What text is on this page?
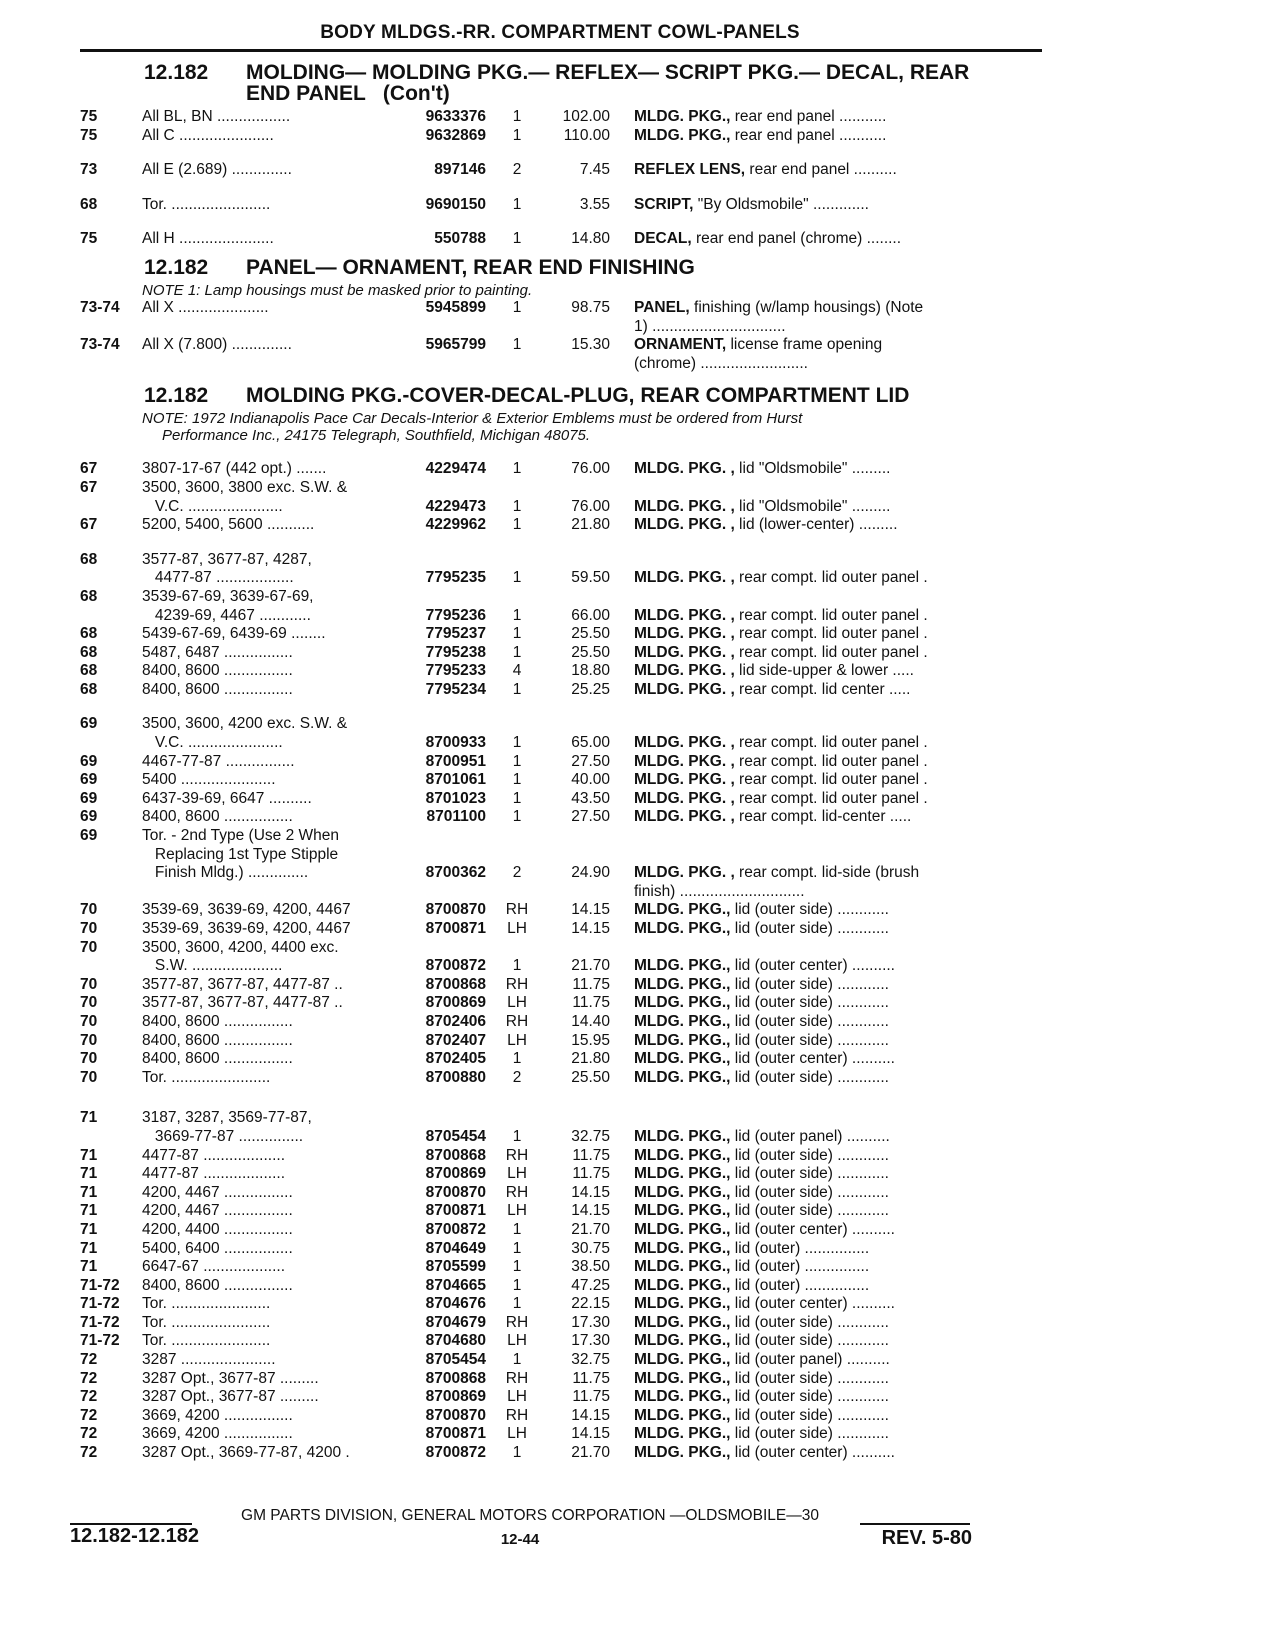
BODY MLDGS.-RR. COMPARTMENT COWL-PANELS
12.182	MOLDING— MOLDING PKG.— REFLEX— SCRIPT PKG.— DECAL, REAR
END PANEL   (Con't)
75	All BL, BN .................	9633376	1	102.00	MLDG. PKG., rear end panel ...........
75	All C ......................	9632869	1	110.00	MLDG. PKG., rear end panel ...........
73	All E (2.689) ..............	897146	2	7.45	REFLEX LENS, rear end panel ..........
68	Tor. .......................	9690150	1	3.55	SCRIPT, "By Oldsmobile" .............
75	All H ......................	550788	1	14.80	DECAL, rear end panel (chrome) ........
12.182	PANEL— ORNAMENT, REAR END FINISHING
NOTE 1: Lamp housings must be masked prior to painting.
73-74	All X .....................	5945899	1	98.75	PANEL, finishing (w/lamp housings) (Note
1) ...............................
73-74	All X (7.800) ..............	5965799	1	15.30	ORNAMENT, license frame opening
(chrome) .........................
12.182	MOLDING PKG.-COVER-DECAL-PLUG, REAR COMPARTMENT LID
NOTE: 1972 Indianapolis Pace Car Decals-Interior & Exterior Emblems must be ordered from Hurst
Performance Inc., 24175 Telegraph, Southfield, Michigan 48075.
67	3807-17-67 (442 opt.) .......	4229474	1	76.00	MLDG. PKG. , lid "Oldsmobile" .........
67	3500, 3600, 3800 exc. S.W. &
V.C. ......................	4229473	1	76.00	MLDG. PKG. , lid "Oldsmobile" .........
67	5200, 5400, 5600 ...........	4229962	1	21.80	MLDG. PKG. , lid (lower-center) .........
68	3577-87, 3677-87, 4287,
4477-87 ..................	7795235	1	59.50	MLDG. PKG. , rear compt. lid outer panel .
68	3539-67-69, 3639-67-69,
4239-69, 4467 ............	7795236	1	66.00	MLDG. PKG. , rear compt. lid outer panel .
68	5439-67-69, 6439-69 ........	7795237	1	25.50	MLDG. PKG. , rear compt. lid outer panel .
68	5487, 6487 ................	7795238	1	25.50	MLDG. PKG. , rear compt. lid outer panel .
68	8400, 8600 ................	7795233	4	18.80	MLDG. PKG. , lid side-upper & lower .....
68	8400, 8600 ................	7795234	1	25.25	MLDG. PKG. , rear compt. lid center .....
69	3500, 3600, 4200 exc. S.W. &
V.C. ......................	8700933	1	65.00	MLDG. PKG. , rear compt. lid outer panel .
69	4467-77-87 ................	8700951	1	27.50	MLDG. PKG. , rear compt. lid outer panel .
69	5400 ......................	8701061	1	40.00	MLDG. PKG. , rear compt. lid outer panel .
69	6437-39-69, 6647 ..........	8701023	1	43.50	MLDG. PKG. , rear compt. lid outer panel .
69	8400, 8600 ................	8701100	1	27.50	MLDG. PKG. , rear compt. lid-center .....
69	Tor. - 2nd Type (Use 2 When
Replacing 1st Type Stipple
Finish Mldg.) ..............	8700362	2	24.90	MLDG. PKG. , rear compt. lid-side (brush
finish) .............................
70	3539-69, 3639-69, 4200, 4467	8700870	RH	14.15	MLDG. PKG., lid (outer side) ............
70	3539-69, 3639-69, 4200, 4467	8700871	LH	14.15	MLDG. PKG., lid (outer side) ............
70	3500, 3600, 4200, 4400 exc.
S.W. .....................	8700872	1	21.70	MLDG. PKG., lid (outer center) ..........
70	3577-87, 3677-87, 4477-87 ..	8700868	RH	11.75	MLDG. PKG., lid (outer side) ............
70	3577-87, 3677-87, 4477-87 ..	8700869	LH	11.75	MLDG. PKG., lid (outer side) ............
70	8400, 8600 ................	8702406	RH	14.40	MLDG. PKG., lid (outer side) ............
70	8400, 8600 ................	8702407	LH	15.95	MLDG. PKG., lid (outer side) ............
70	8400, 8600 ................	8702405	1	21.80	MLDG. PKG., lid (outer center) ..........
70	Tor. .......................	8700880	2	25.50	MLDG. PKG., lid (outer side) ............
71	3187, 3287, 3569-77-87,
3669-77-87 ...............	8705454	1	32.75	MLDG. PKG., lid (outer panel) ..........
71	4477-87 ...................	8700868	RH	11.75	MLDG. PKG., lid (outer side) ............
71	4477-87 ...................	8700869	LH	11.75	MLDG. PKG., lid (outer side) ............
71	4200, 4467 ................	8700870	RH	14.15	MLDG. PKG., lid (outer side) ............
71	4200, 4467 ................	8700871	LH	14.15	MLDG. PKG., lid (outer side) ............
71	4200, 4400 ................	8700872	1	21.70	MLDG. PKG., lid (outer center) ..........
71	5400, 6400 ................	8704649	1	30.75	MLDG. PKG., lid (outer) ...............
71	6647-67 ...................	8705599	1	38.50	MLDG. PKG., lid (outer) ...............
71-72	8400, 8600 ................	8704665	1	47.25	MLDG. PKG., lid (outer) ...............
71-72	Tor. .......................	8704676	1	22.15	MLDG. PKG., lid (outer center) ..........
71-72	Tor. .......................	8704679	RH	17.30	MLDG. PKG., lid (outer side) ............
71-72	Tor. .......................	8704680	LH	17.30	MLDG. PKG., lid (outer side) ............
72	3287 ......................	8705454	1	32.75	MLDG. PKG., lid (outer panel) ..........
72	3287 Opt., 3677-87 .........	8700868	RH	11.75	MLDG. PKG., lid (outer side) ............
72	3287 Opt., 3677-87 .........	8700869	LH	11.75	MLDG. PKG., lid (outer side) ............
72	3669, 4200 ................	8700870	RH	14.15	MLDG. PKG., lid (outer side) ............
72	3669, 4200 ................	8700871	LH	14.15	MLDG. PKG., lid (outer side) ............
72	3287 Opt., 3669-77-87, 4200 .	8700872	1	21.70	MLDG. PKG., lid (outer center) ..........
GM PARTS DIVISION, GENERAL MOTORS CORPORATION —OLDSMOBILE—30
12.182-12.182	12-44	REV. 5-80
